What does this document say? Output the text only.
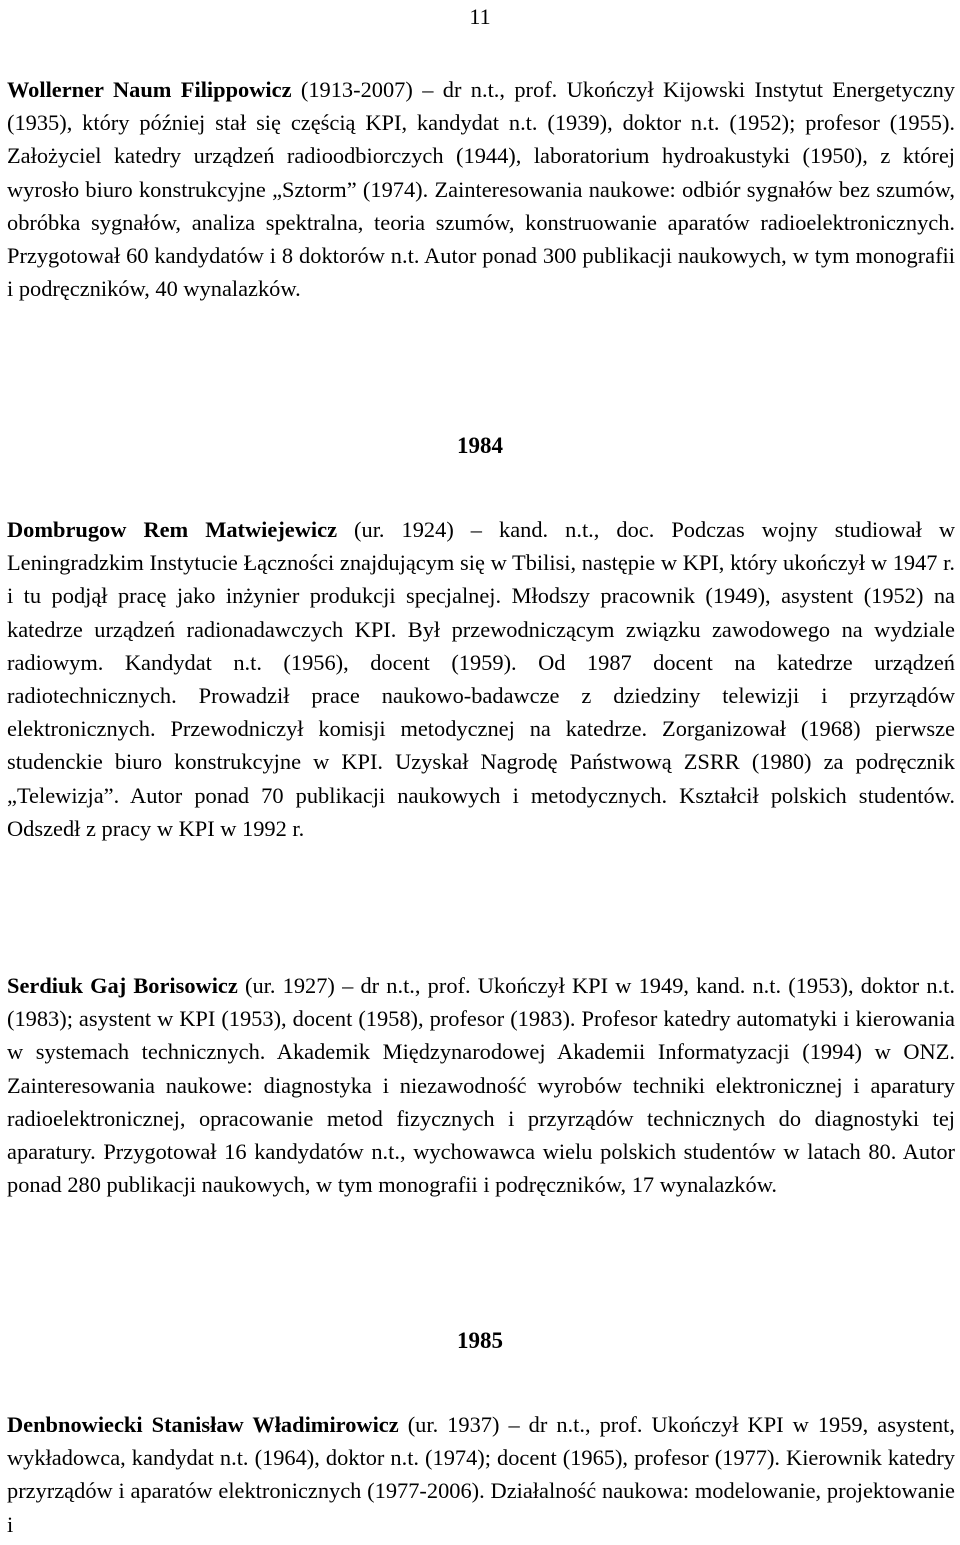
11

Wollerner Naum Filippowicz (1913-2007) – dr n.t., prof. Ukończył Kijowski Instytut Energetyczny (1935), który później stał się częścią KPI, kandydat n.t. (1939), doktor n.t. (1952); profesor (1955). Założyciel katedry urządzeń radioodbiorczych (1944), laboratorium hydroakustyki (1950), z której wyrosło biuro konstrukcyjne „Sztorm” (1974). Zainteresowania naukowe: odbiór sygnałów bez szumów, obróbka sygnałów, analiza spektralna, teoria szumów, konstruowanie aparatów radioelektronicznych. Przygotował 60 kandydatów i 8 doktorów n.t. Autor ponad 300 publikacji naukowych, w tym monografii i podręczników, 40 wynalazków.

1984

Dombrugow Rem Matwiejewicz (ur. 1924) – kand. n.t., doc. Podczas wojny studiował w Leningradzkim Instytucie Łączności znajdującym się w Tbilisi, następie w KPI, który ukończył w 1947 r. i tu podjął pracę jako inżynier produkcji specjalnej. Młodszy pracownik (1949), asystent (1952) na katedrze urządzeń radionadawczych KPI. Był przewodniczącym związku zawodowego na wydziale radiowym. Kandydat n.t. (1956), docent (1959). Od 1987 docent na katedrze urządzeń radiotechnicznych. Prowadził prace naukowo-badawcze z dziedziny telewizji i przyrządów elektronicznych. Przewodniczył komisji metodycznej na katedrze. Zorganizował (1968) pierwsze studenckie biuro konstrukcyjne w KPI. Uzyskał Nagrodę Państwową ZSRR (1980) za podręcznik „Telewizja”. Autor ponad 70 publikacji naukowych i metodycznych. Kształcił polskich studentów. Odszedł z pracy w KPI w 1992 r.

Serdiuk Gaj Borisowicz (ur. 1927) – dr n.t., prof. Ukończył KPI w 1949, kand. n.t. (1953), doktor n.t. (1983); asystent w KPI (1953), docent (1958), profesor (1983). Profesor katedry automatyki i kierowania w systemach technicznych. Akademik Międzynarodowej Akademii Informatyzacji (1994) w ONZ. Zainteresowania naukowe: diagnostyka i niezawodność wyrobów techniki elektronicznej i aparatury radioelektronicznej, opracowanie metod fizycznych i przyrządów technicznych do diagnostyki tej aparatury. Przygotował 16 kandydatów n.t., wychowawca wielu polskich studentów w latach 80. Autor ponad 280 publikacji naukowych, w tym monografii i podręczników, 17 wynalazków.

1985

Denbnowiecki Stanisław Władimirowicz (ur. 1937) – dr n.t., prof. Ukończył KPI w 1959, asystent, wykładowca, kandydat n.t. (1964), doktor n.t. (1974); docent (1965), profesor (1977). Kierownik katedry przyrządów i aparatów elektronicznych (1977-2006). Działalność naukowa: modelowanie, projektowanie i
